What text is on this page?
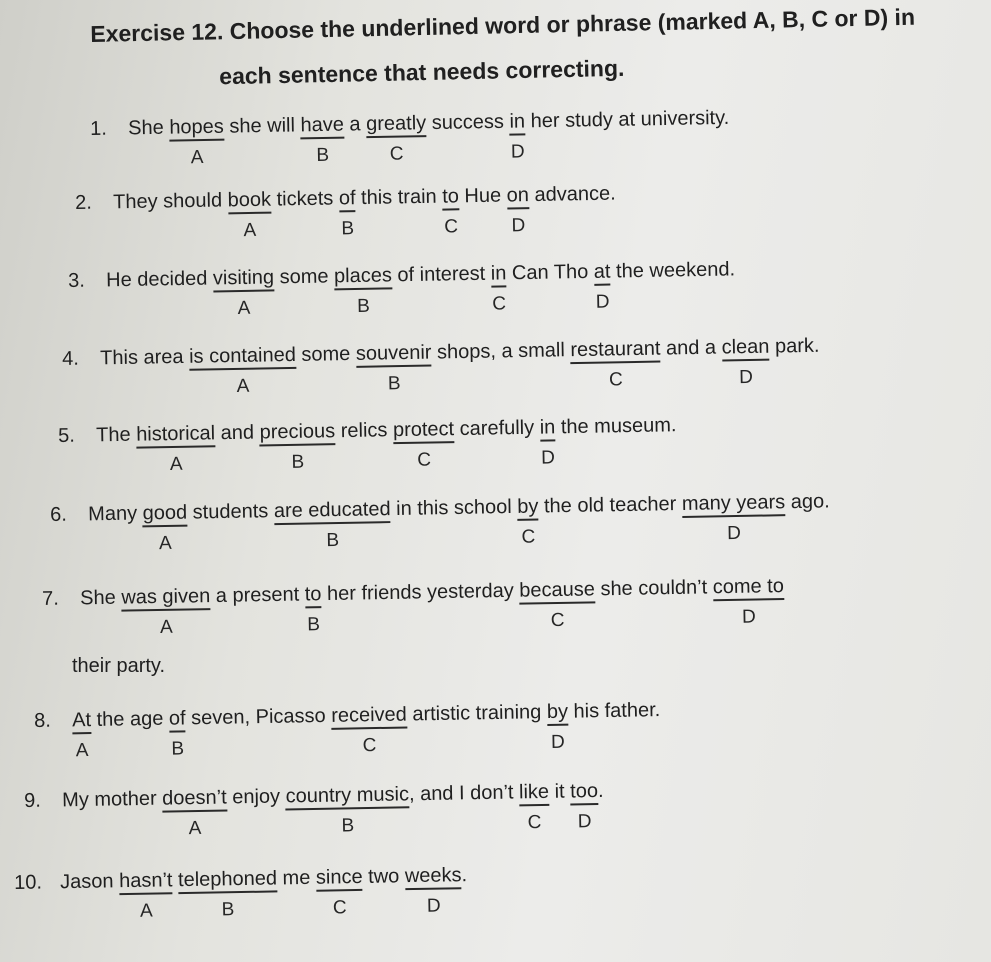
Exercise 12. Choose the underlined word or phrase (marked A, B, C or D) in
each sentence that needs correcting.
1. She hopes
A
she will have
B
a greatly
C
success in
D
her study at university.
2. They should book
A
tickets of
B
this train to
C
Hue on
D
advance.
3. He decided visiting
A
some places
B
of interest in
C
Can Tho at
D
the weekend.
4. This area is contained
A
some souvenir
B
shops, a small restaurant
C
and a clean
D
park.
5. The historical
A
and precious
B
relics protect
C
carefully in
D
the museum.
6. Many good
A
students are educated
B
in this school by
C
the old teacher many years
D
ago.
7. She was given
A
a present to
B
her friends yesterday because
C
she couldn’t come to
D
their party.
8. At
A
the age of
B
seven, Picasso received
C
artistic training by
D
his father.
9. My mother doesn’t
A
enjoy country music
B
, and I don’t like
C
it too
D
.
10. Jason hasn’t
A
telephoned
B
me since
C
two weeks
D
.
